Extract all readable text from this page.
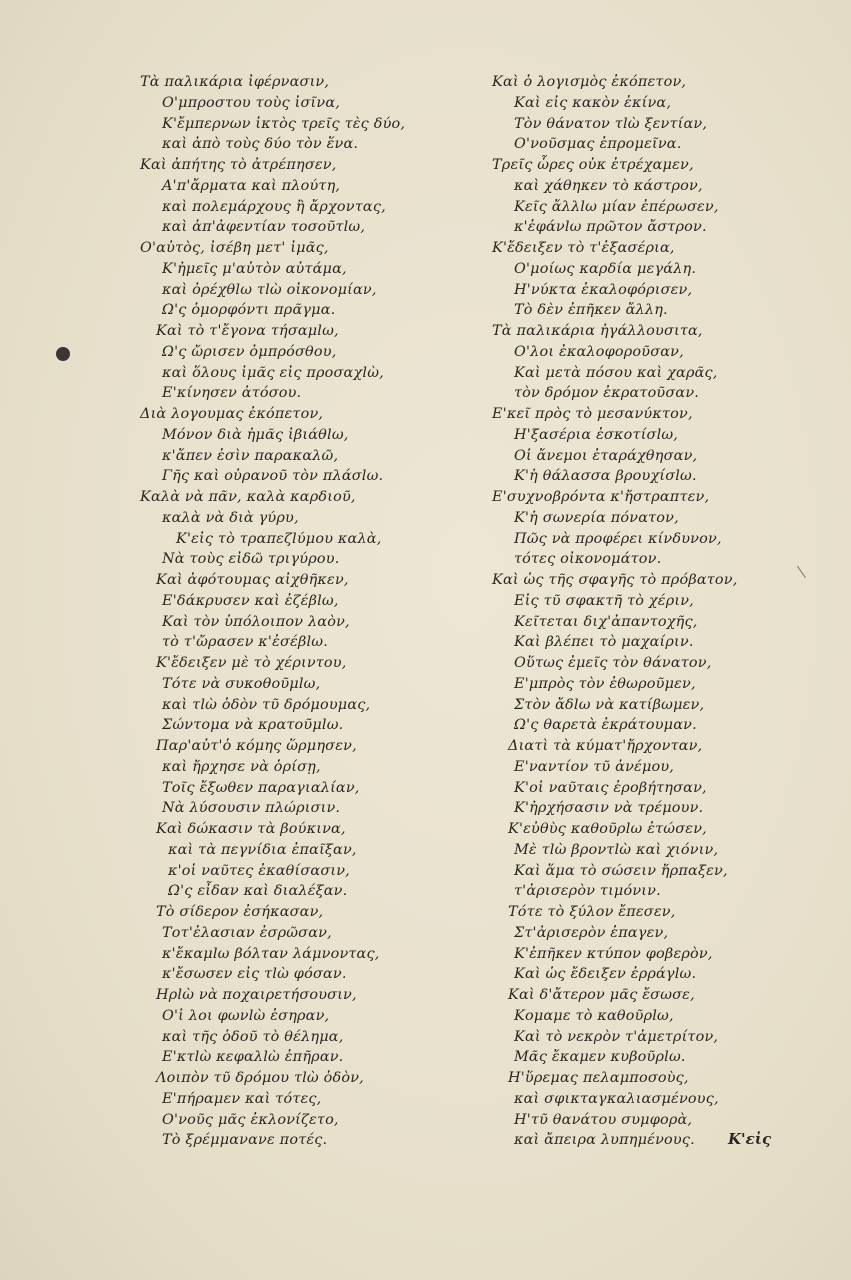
Τὰ παλικάρια ἰφέρνασιν,
Ο'μπροστου τοὺς ἰσῖνα,
Κ'ἔμπερνων ἰκτὸς τρεῖς τὲς δύο,
καὶ ἀπὸ τοὺς δύο τὸν ἕνα.
Καὶ ἀπήτης τὸ ἀτρέπησεν,
Α'π'ἄρματα καὶ πλούτη,
καὶ πολεμάρχους ἢ ἄρχοντας,
καὶ ἀπ'ἀφεντίαν τοσοῦτlω,
Ο'αὐτὸς, ἰσέβη μετ' ἰμᾶς,
Κ'ἠμεῖς μ'αὐτὸν αὐτάμα,
καὶ ὀρέχθlω τlὼ οἰκονομίαν,
Ω'ς ὁμορφόντι πρᾶγμα.
Καὶ τὸ τ'ἔγονα τήσαμlω,
Ω'ς ὤρισεν ὁμπρόσθου,
καὶ ὅλους ἰμᾶς εἰς προσαχlὼ,
Ε'κίνησεν ἀτόσου.
Διὰ λογουμας ἐκόπετον,
Μόνον διὰ ἠμᾶς ἰβιάθlω,
κ'ἄπεν ἐσὶν παρακαλῶ,
Γῆς καὶ οὐρανοῦ τὸν πλάσlω.
Καλὰ νὰ πᾶν, καλὰ καρδιοῦ,
καλὰ νὰ διὰ γύρυ,
Κ'εἰς τὸ τραπεζlύμου καλὰ,
Νὰ τοὺς εἰδῶ τριγύρου.
Καὶ ἀφότουμας αἰχθῆκεν,
Ε'δάκρυσεν καὶ ἐζέβlω,
Καὶ τὸν ὑπόλοιπον λαὸν,
τὸ τ'ὤρασεν κ'ἐσέβlω.
Κ'ἔδειξεν μὲ τὸ χέριντου,
Τότε νὰ συκοθοῦμlω,
καὶ τlὼ ὁδὸν τῦ δρόμουμας,
Σώντομα νὰ κρατοῦμlω.
Παρ'αὐτ'ὁ κόμης ὥρμησεν,
καὶ ἤρχησε νὰ ὁρίσῃ,
Τοῖς ἔξωθεν παραγιαλίαν,
Νὰ λύσουσιν πλώρισιν.
Καὶ δώκασιν τὰ βούκινα,
καὶ τὰ πεγνίδια ἐπαῖξαν,
κ'οἱ ναῦτες ἐκαθίσασιν,
Ω'ς εἶδαν καὶ διαλέξαν.
Τὸ σίδερον ἐσήκασαν,
Τοτ'ἐλασιαν ἐσρῶσαν,
κ'ἔκαμlω βόλταν λάμνοντας,
κ'ἔσωσεν εἰς τlὼ φόσαν.
Ηρlὼ νὰ ποχαιρετήσουσιν,
Ο'ἱ λοι φωνlὼ ἐσηραν,
καὶ τῆς ὁδοῦ τὸ θέλημα,
Ε'κτlὼ κεφαλlὼ ἐπῆραν.
Λοιπὸν τῦ δρόμου τlὼ ὁδὸν,
Ε'πήραμεν καὶ τότες,
Ο'νοῦς μᾶς ἐκλονίζετο,
Τὸ ξρέμμανανε ποτές.
Καὶ ὁ λογισμὸς ἐκόπετον,
Καὶ εἰς κακὸν ἐκίνα,
Τὸν θάνατον τlὼ ξεντίαν,
Ο'νοῦσμας ἐπρομεῖνα.
Τρεῖς ὧρες οὐκ ἐτρέχαμεν,
καὶ χάθηκεν τὸ κάστρον,
Κεῖς ἄλλlω μίαν ἐπέρωσεν,
κ'ἐφάνlω πρῶτον ἄστρον.
Κ'ἔδειξεν τὸ τ'ἐξασέρια,
Ο'μοίως καρδία μεγάλη.
Η'νύκτα ἐκαλοφόρισεν,
Τὸ δὲν ἐπῆκεν ἄλλη.
Τὰ παλικάρια ἠγάλλουσιτα,
Ο'λοι ἐκαλοφοροῦσαν,
Καὶ μετὰ πόσου καὶ χαρᾶς,
τὸν δρόμον ἐκρατοῦσαν.
Ε'κεῖ πρὸς τὸ μεσανύκτον,
Η'ξασέρια ἐσκοτίσlω,
Οἱ ἄνεμοι ἐταράχθησαν,
Κ'ἡ θάλασσα βρουχίσlω.
Ε'συχνοβρόντα κ'ἤστραπτεν,
Κ'ἡ σωνερία πόνατον,
Πῶς νὰ προφέρει κίνδυνον,
τότες οἰκονομάτον.
Καὶ ὡς τῆς σφαγῆς τὸ πρόβατον,
Εἰς τῦ σφακτῆ τὸ χέριν,
Κεῖτεται διχ'ἀπαντοχῆς,
Καὶ βλέπει τὸ μαχαίριν.
Οὕτως ἐμεῖς τὸν θάνατον,
Ε'μπρὸς τὸν ἐθωροῦμεν,
Στὸν ἄδlω νὰ κατίβωμεν,
Ω'ς θαρετὰ ἐκράτουμαν.
Διατὶ τὰ κύματ'ἤρχονταν,
Ε'ναντίον τῦ ἀνέμου,
Κ'οἱ ναῦταις ἐροβήτησαν,
Κ'ἠρχήσασιν νὰ τρέμουν.
Κ'εὐθὺς καθοῦρlω ἐτώσεν,
Μὲ τlὼ βροντlὼ καὶ χιόνιν,
Καὶ ἅμα τὸ σώσειν ἤρπαξεν,
τ'ἀρισερὸν τιμόνιν.
Τότε τὸ ξύλον ἔπεσεν,
Στ'ἀρισερὸν ἐπαγεν,
Κ'ἐπῆκεν κτύπον φοβερὸν,
Καὶ ὡς ἔδειξεν ἐρράγlω.
Καὶ δ'ἄτερον μᾶς ἔσωσε,
Κομαμε τὸ καθοῦρlω,
Καὶ τὸ νεκρὸν τ'ἀμετρίτον,
Μᾶς ἔκαμεν κυβοῦρlω.
Η'ὕρεμας πελαμποσοὺς,
καὶ σφικταγκαλιασμένους,
Η'τῦ θανάτου συμφορὰ,
καὶ ἄπειρα λυπημένους.	Κ'εἰς
